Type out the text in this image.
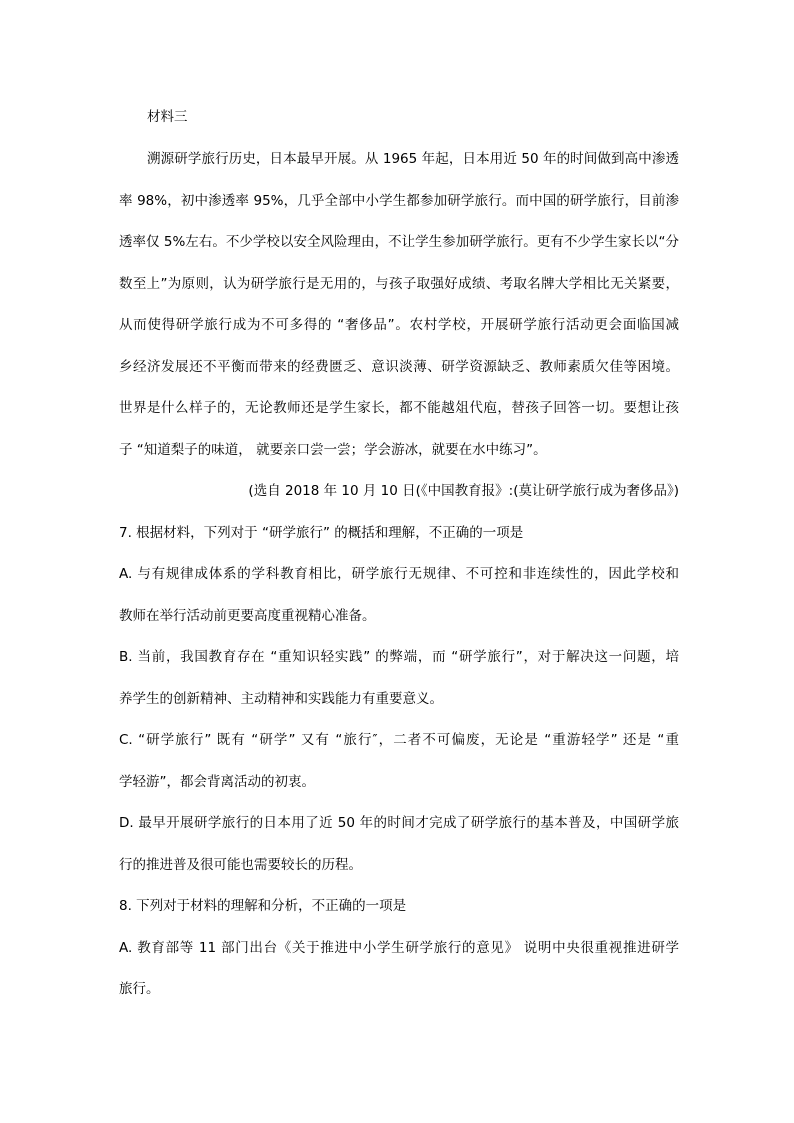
材料三
溯源研学旅行历史，日本最早开展。从 1965 年起，日本用近 50 年的时间做到高中渗透
率 98%，初中渗透率 95%，几乎全部中小学生都参加研学旅行。而中国的研学旅行，目前渗
透率仅 5%左右。不少学校以安全风险理由，不让学生参加研学旅行。更有不少学生家长以“分
数至上”为原则，认为研学旅行是无用的，与孩子取强好成绩、考取名牌大学相比无关紧要，
从而使得研学旅行成为不可多得的 “奢侈品”。农村学校，开展研学旅行活动更会面临国减
乡经济发展还不平衡而带来的经费匮乏、意识淡薄、研学资源缺乏、教师素质欠佳等困境。
世界是什么样子的，无论教师还是学生家长，都不能越俎代庖，替孩子回答一切。要想让孩
子 “知道梨子的味道， 就要亲口尝一尝；学会游冰，就要在水中练习”。
(选自 2018 年 10 月 10 日(《中国教育报》:(莫让研学旅行成为奢侈品》)
7. 根据材料，下列对于 “研学旅行” 的概括和理解，不正确的一项是
A. 与有规律成体系的学科教育相比，研学旅行无规律、不可控和非连续性的，因此学校和
教师在举行活动前更要高度重视精心准备。
B. 当前，我国教育存在 “重知识轻实践” 的弊端，而 “研学旅行”，对于解决这一问题，培
养学生的创新精神、主动精神和实践能力有重要意义。
C. “研学旅行” 既有 “研学” 又有 “旅行″，二者不可偏废，无论是 “重游轻学” 还是 “重
学轻游”，都会背离活动的初衷。
D. 最早开展研学旅行的日本用了近 50 年的时间才完成了研学旅行的基本普及，中国研学旅
行的推进普及很可能也需要较长的历程。
8. 下列对于材料的理解和分析，不正确的一项是
A. 教育部等 11 部门出台《关于推进中小学生研学旅行的意见》 说明中央很重视推进研学
旅行。
